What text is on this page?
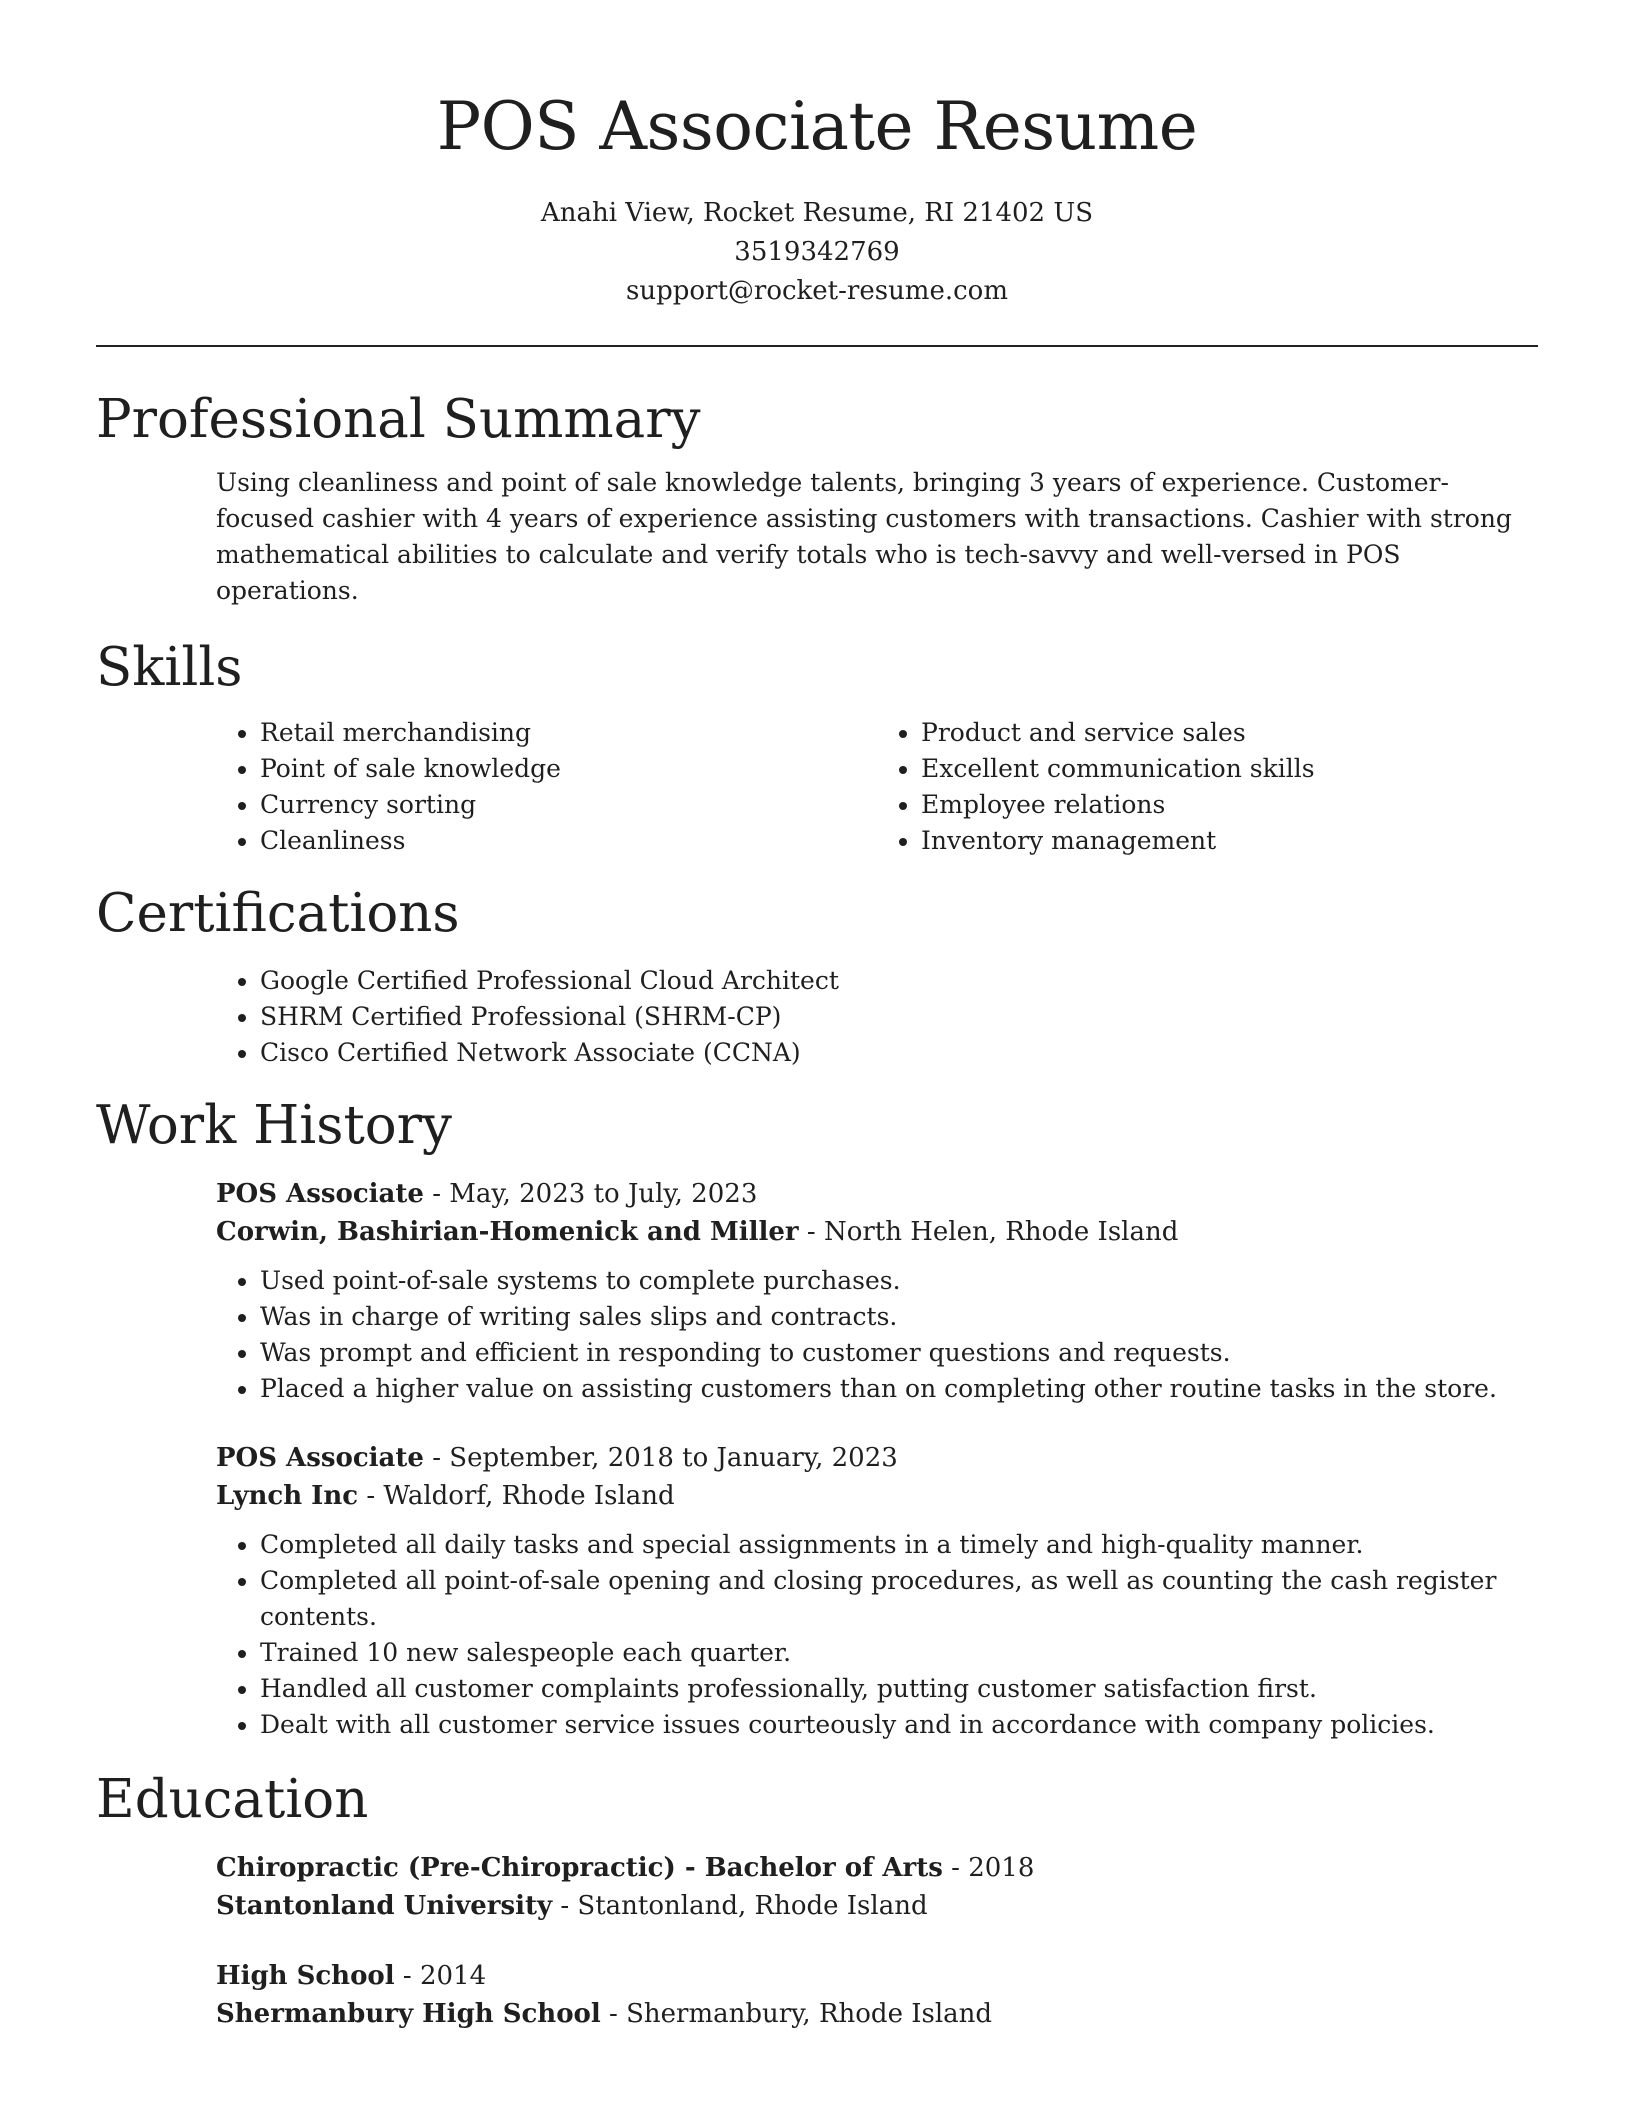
POS Associate Resume
Anahi View, Rocket Resume, RI 21402 US
3519342769
support@rocket-resume.com
Professional Summary

Using cleanliness and point of sale knowledge talents, bringing 3 years of experience. Customer-focused cashier with 4 years of experience assisting customers with transactions. Cashier with strong mathematical abilities to calculate and verify totals who is tech-savvy and well-versed in POS operations.

Skills
• Retail merchandising
• Point of sale knowledge
• Currency sorting
• Cleanliness
• Product and service sales
• Excellent communication skills
• Employee relations
• Inventory management
Certifications
• Google Certified Professional Cloud Architect
• SHRM Certified Professional (SHRM-CP)
• Cisco Certified Network Associate (CCNA)
Work History
POS Associate - May, 2023 to July, 2023
Corwin, Bashirian-Homenick and Miller - North Helen, Rhode Island
• Used point-of-sale systems to complete purchases.
• Was in charge of writing sales slips and contracts.
• Was prompt and efficient in responding to customer questions and requests.
• Placed a higher value on assisting customers than on completing other routine tasks in the store.
POS Associate - September, 2018 to January, 2023
Lynch Inc - Waldorf, Rhode Island
• Completed all daily tasks and special assignments in a timely and high-quality manner.
• Completed all point-of-sale opening and closing procedures, as well as counting the cash register contents.
• Trained 10 new salespeople each quarter.
• Handled all customer complaints professionally, putting customer satisfaction first.
• Dealt with all customer service issues courteously and in accordance with company policies.
Education
Chiropractic (Pre-Chiropractic) - Bachelor of Arts - 2018
Stantonland University - Stantonland, Rhode Island
High School - 2014
Shermanbury High School - Shermanbury, Rhode Island
